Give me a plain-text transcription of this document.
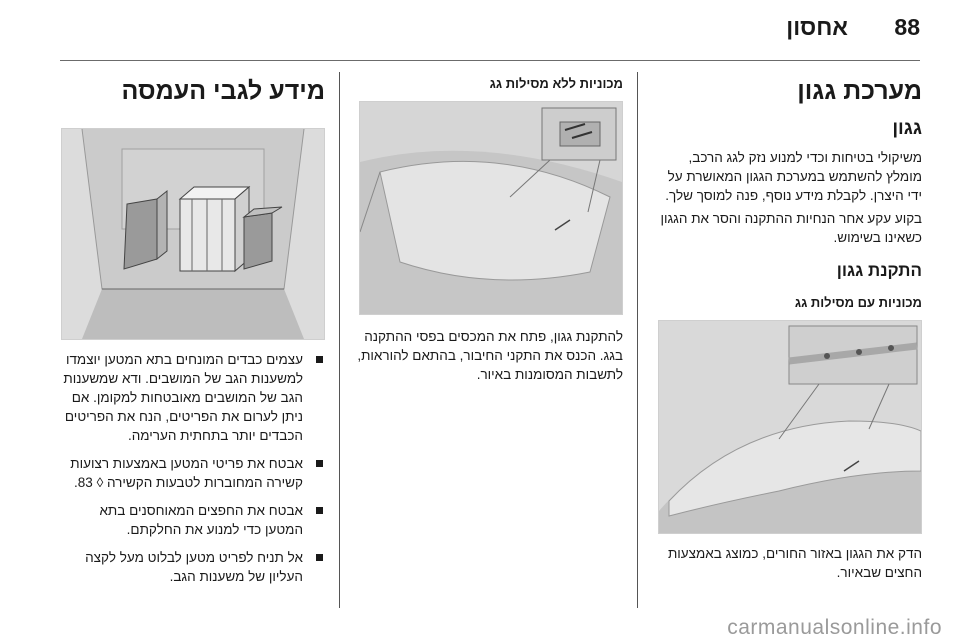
88
אחסון
מערכת גגון
גגון

משיקולי בטיחות וכדי למנוע נזק לגג הרכב, מומלץ להשתמש במערכת הגגון המאושרת על ידי היצרן. לקבלת מידע נוסף, פנה למוסך שלך.

בקוע עקע אחר הנחיות ההתקנה והסר את הגגון כשאינו בשימוש.

התקנת גגון
מכוניות עם מסילות גג

הדק את הגגון באזור החורים, כמוצג באמצעות החצים שבאיור.

מכוניות ללא מסילות גג

להתקנת גגון, פתח את המכסים בפסי ההתקנה בגג. הכנס את התקני החיבור, בהתאם להוראות, לתשבות המסומנות באיור.

מידע לגבי העמסה
עצמים כבדים המונחים בתא המטען יוצמדו למשענות הגב של המושבים. ודא שמשענות הגב של המושבים מאובטחות למקומן. אם ניתן לערום את הפריטים, הנח את הפריטים הכבדים יותר בתחתית הערימה.
אבטח את פריטי המטען באמצעות רצועות קשירה המחוברות לטבעות הקשירה ◊ 83.
אבטח את החפצים המאוחסנים בתא המטען כדי למנוע את החלקתם.
אל תניח לפריט מטען לבלוט מעל לקצה העליון של משענות הגב.
carmanualsonline.info
